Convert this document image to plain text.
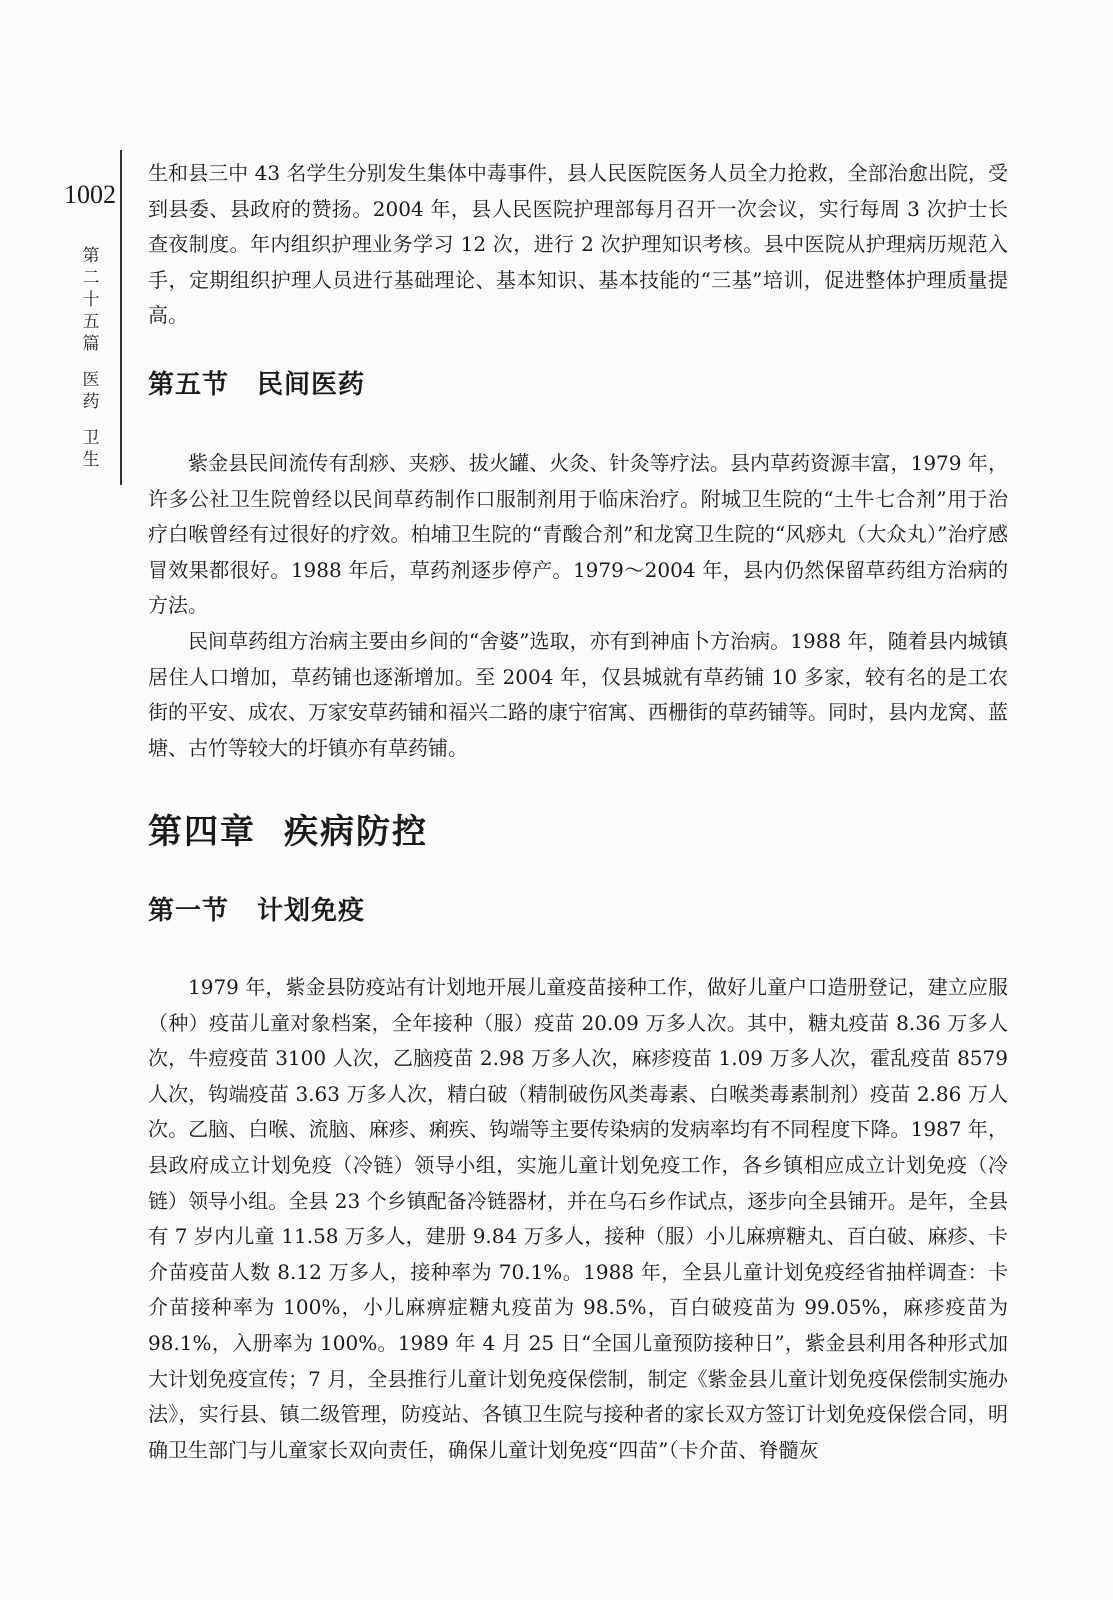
1002
第
二
十
五
篇
医
药
卫
生

生和县三中 43 名学生分别发生集体中毒事件，县人民医院医务人员全力抢救，全部治愈出院，受到县委、县政府的赞扬。2004 年，县人民医院护理部每月召开一次会议，实行每周 3 次护士长查夜制度。年内组织护理业务学习 12 次，进行 2 次护理知识考核。县中医院从护理病历规范入手，定期组织护理人员进行基础理论、基本知识、基本技能的“三基”培训，促进整体护理质量提高。

第五节 民间医药

紫金县民间流传有刮痧、夹痧、拔火罐、火灸、针灸等疗法。县内草药资源丰富，1979 年，许多公社卫生院曾经以民间草药制作口服制剂用于临床治疗。附城卫生院的“土牛七合剂”用于治疗白喉曾经有过很好的疗效。柏埔卫生院的“青酸合剂”和龙窝卫生院的“风痧丸（大众丸）”治疗感冒效果都很好。1988 年后，草药剂逐步停产。1979～2004 年，县内仍然保留草药组方治病的方法。

民间草药组方治病主要由乡间的“舍婆”选取，亦有到神庙卜方治病。1988 年，随着县内城镇居住人口增加，草药铺也逐渐增加。至 2004 年，仅县城就有草药铺 10 多家，较有名的是工农街的平安、成农、万家安草药铺和福兴二路的康宁宿寓、西栅街的草药铺等。同时，县内龙窝、蓝塘、古竹等较大的圩镇亦有草药铺。

第四章 疾病防控
第一节 计划免疫

1979 年，紫金县防疫站有计划地开展儿童疫苗接种工作，做好儿童户口造册登记，建立应服（种）疫苗儿童对象档案，全年接种（服）疫苗 20.09 万多人次。其中，糖丸疫苗 8.36 万多人次，牛痘疫苗 3100 人次，乙脑疫苗 2.98 万多人次，麻疹疫苗 1.09 万多人次，霍乱疫苗 8579 人次，钩端疫苗 3.63 万多人次，精白破（精制破伤风类毒素、白喉类毒素制剂）疫苗 2.86 万人次。乙脑、白喉、流脑、麻疹、痢疾、钩端等主要传染病的发病率均有不同程度下降。1987 年，县政府成立计划免疫（冷链）领导小组，实施儿童计划免疫工作，各乡镇相应成立计划免疫（冷链）领导小组。全县 23 个乡镇配备冷链器材，并在乌石乡作试点，逐步向全县铺开。是年，全县有 7 岁内儿童 11.58 万多人，建册 9.84 万多人，接种（服）小儿麻痹糖丸、百白破、麻疹、卡介苗疫苗人数 8.12 万多人，接种率为 70.1%。1988 年，全县儿童计划免疫经省抽样调查：卡介苗接种率为 100%，小儿麻痹症糖丸疫苗为 98.5%，百白破疫苗为 99.05%，麻疹疫苗为 98.1%，入册率为 100%。1989 年 4 月 25 日“全国儿童预防接种日”，紫金县利用各种形式加大计划免疫宣传；7 月，全县推行儿童计划免疫保偿制，制定《紫金县儿童计划免疫保偿制实施办法》，实行县、镇二级管理，防疫站、各镇卫生院与接种者的家长双方签订计划免疫保偿合同，明确卫生部门与儿童家长双向责任，确保儿童计划免疫“四苗”（卡介苗、脊髓灰
